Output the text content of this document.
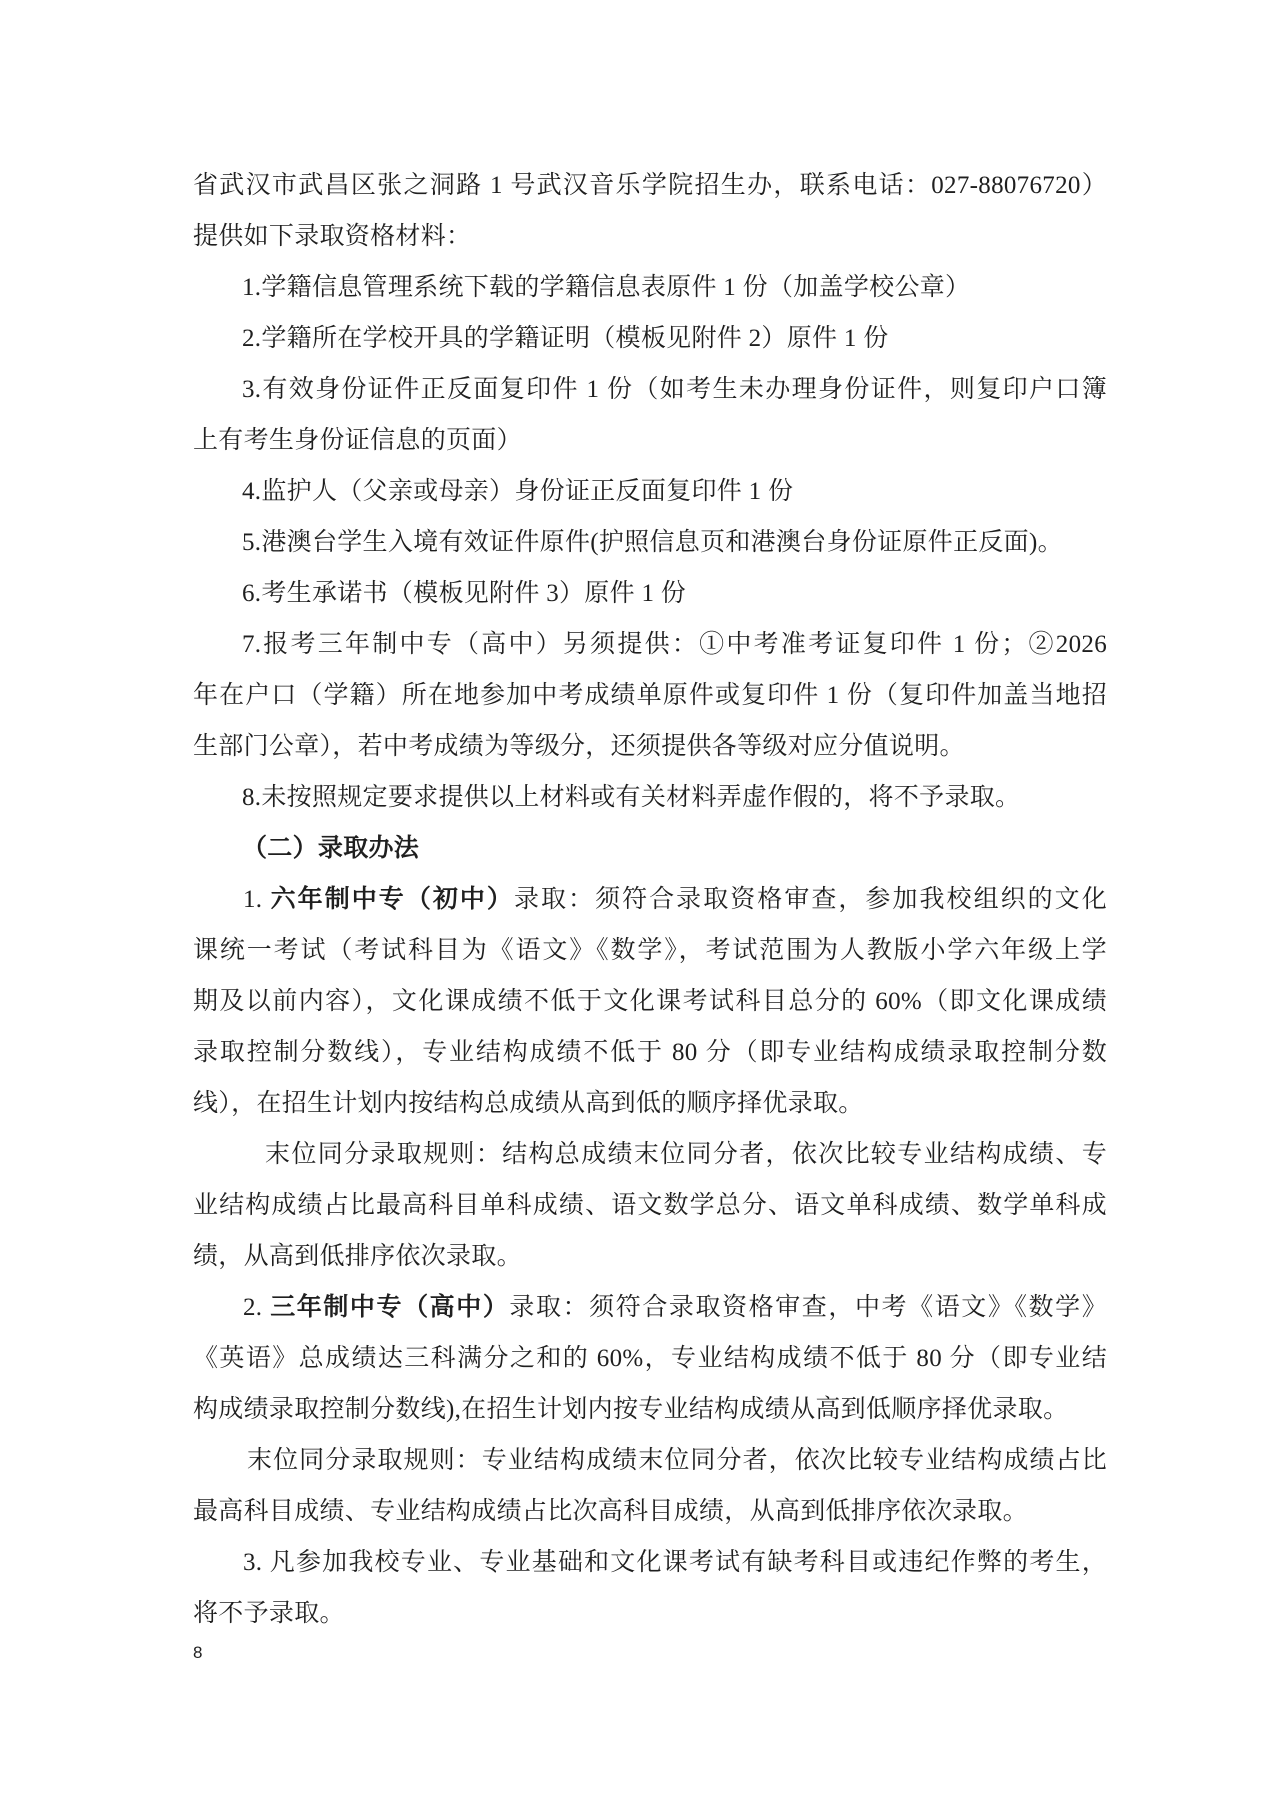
省武汉市武昌区张之洞路 1 号武汉音乐学院招生办，联系电话：027-88076720）
提供如下录取资格材料：
1.学籍信息管理系统下载的学籍信息表原件 1 份（加盖学校公章）
2.学籍所在学校开具的学籍证明（模板见附件 2）原件 1 份
3.有效身份证件正反面复印件 1 份（如考生未办理身份证件，则复印户口簿
上有考生身份证信息的页面）
4.监护人（父亲或母亲）身份证正反面复印件 1 份
5.港澳台学生入境有效证件原件(护照信息页和港澳台身份证原件正反面)。
6.考生承诺书（模板见附件 3）原件 1 份
7.报考三年制中专（高中）另须提供：①中考准考证复印件 1 份；②2026
年在户口（学籍）所在地参加中考成绩单原件或复印件 1 份（复印件加盖当地招
生部门公章），若中考成绩为等级分，还须提供各等级对应分值说明。
8.未按照规定要求提供以上材料或有关材料弄虚作假的，将不予录取。
（二）录取办法
1. 六年制中专（初中）录取：须符合录取资格审查，参加我校组织的文化
课统一考试（考试科目为《语文》《数学》，考试范围为人教版小学六年级上学
期及以前内容），文化课成绩不低于文化课考试科目总分的 60%（即文化课成绩
录取控制分数线），专业结构成绩不低于 80 分（即专业结构成绩录取控制分数
线），在招生计划内按结构总成绩从高到低的顺序择优录取。
末位同分录取规则：结构总成绩末位同分者，依次比较专业结构成绩、专
业结构成绩占比最高科目单科成绩、语文数学总分、语文单科成绩、数学单科成
绩，从高到低排序依次录取。
2. 三年制中专（高中）录取：须符合录取资格审查，中考《语文》《数学》
《英语》总成绩达三科满分之和的 60%，专业结构成绩不低于 80 分（即专业结
构成绩录取控制分数线),在招生计划内按专业结构成绩从高到低顺序择优录取。
末位同分录取规则：专业结构成绩末位同分者，依次比较专业结构成绩占比
最高科目成绩、专业结构成绩占比次高科目成绩，从高到低排序依次录取。
3. 凡参加我校专业、专业基础和文化课考试有缺考科目或违纪作弊的考生，
将不予录取。
8
